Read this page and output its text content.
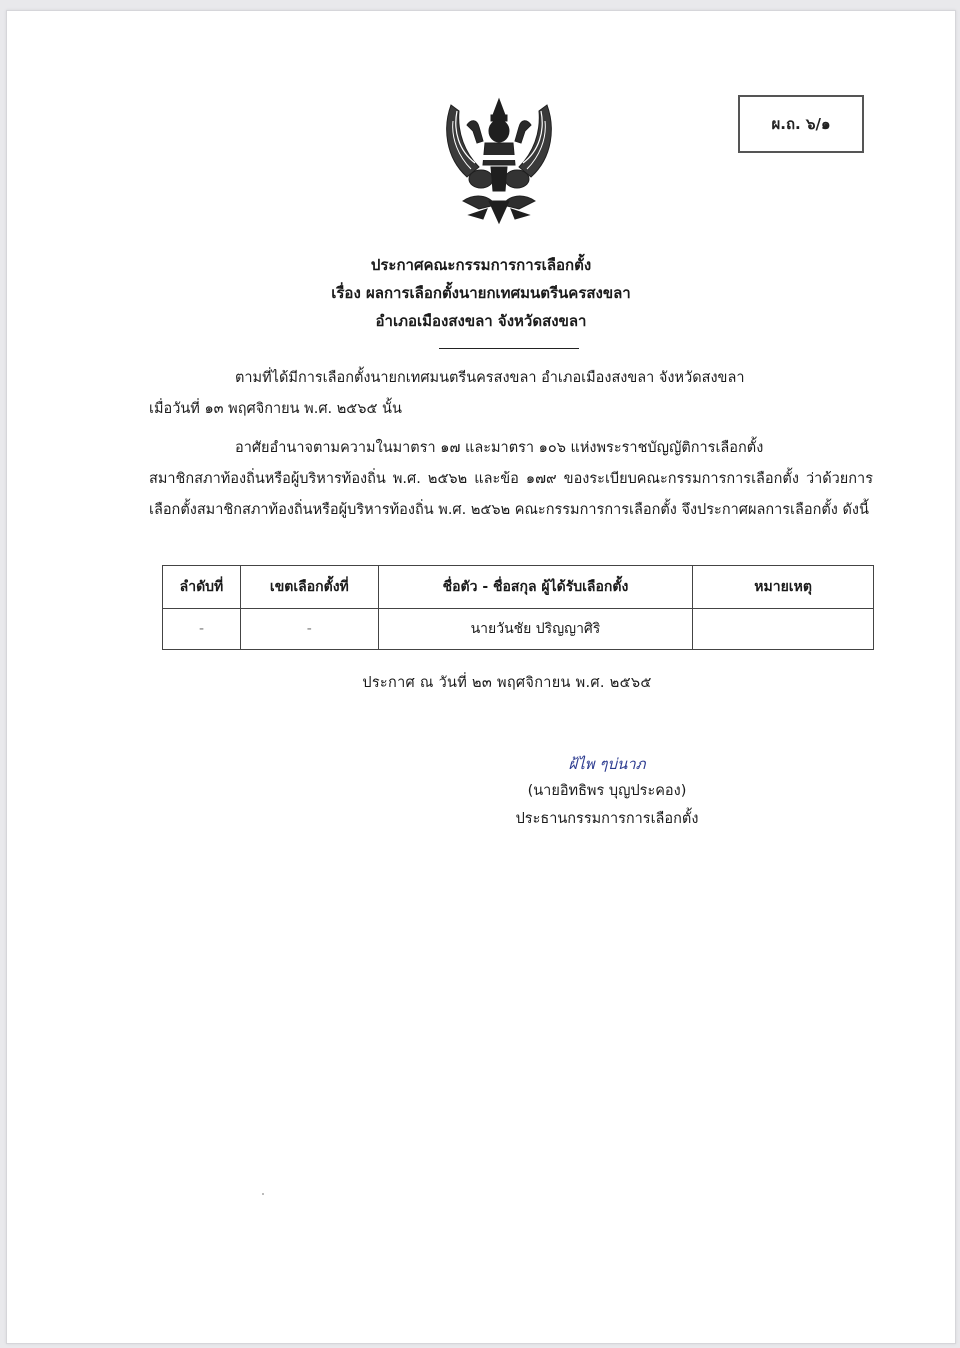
ผ.ถ. ๖/๑
ประกาศคณะกรรมการการเลือกตั้ง
เรื่อง ผลการเลือกตั้งนายกเทศมนตรีนครสงขลา
อำเภอเมืองสงขลา จังหวัดสงขลา
ตามที่ได้มีการเลือกตั้งนายกเทศมนตรีนครสงขลา อำเภอเมืองสงขลา จังหวัดสงขลา
เมื่อวันที่ ๑๓ พฤศจิกายน พ.ศ. ๒๕๖๕ นั้น
อาศัยอำนาจตามความในมาตรา ๑๗ และมาตรา ๑๐๖ แห่งพระราชบัญญัติการเลือกตั้ง
สมาชิกสภาท้องถิ่นหรือผู้บริหารท้องถิ่น พ.ศ. ๒๕๖๒ และข้อ ๑๗๙ ของระเบียบคณะกรรมการการเลือกตั้ง ว่าด้วยการเลือกตั้งสมาชิกสภาท้องถิ่นหรือผู้บริหารท้องถิ่น พ.ศ. ๒๕๖๒ คณะกรรมการการเลือกตั้ง จึงประกาศผลการเลือกตั้ง ดังนี้
ลำดับที่	เขตเลือกตั้งที่	ชื่อตัว - ชื่อสกุล ผู้ได้รับเลือกตั้ง	หมายเหตุ
-	-	นายวันชัย ปริญญาศิริ	
ประกาศ ณ วันที่ ๒๓ พฤศจิกายน พ.ศ. ๒๕๖๕
ฝ้ไพ ๆบ่นาภ
(นายอิทธิพร บุญประคอง)
ประธานกรรมการการเลือกตั้ง
